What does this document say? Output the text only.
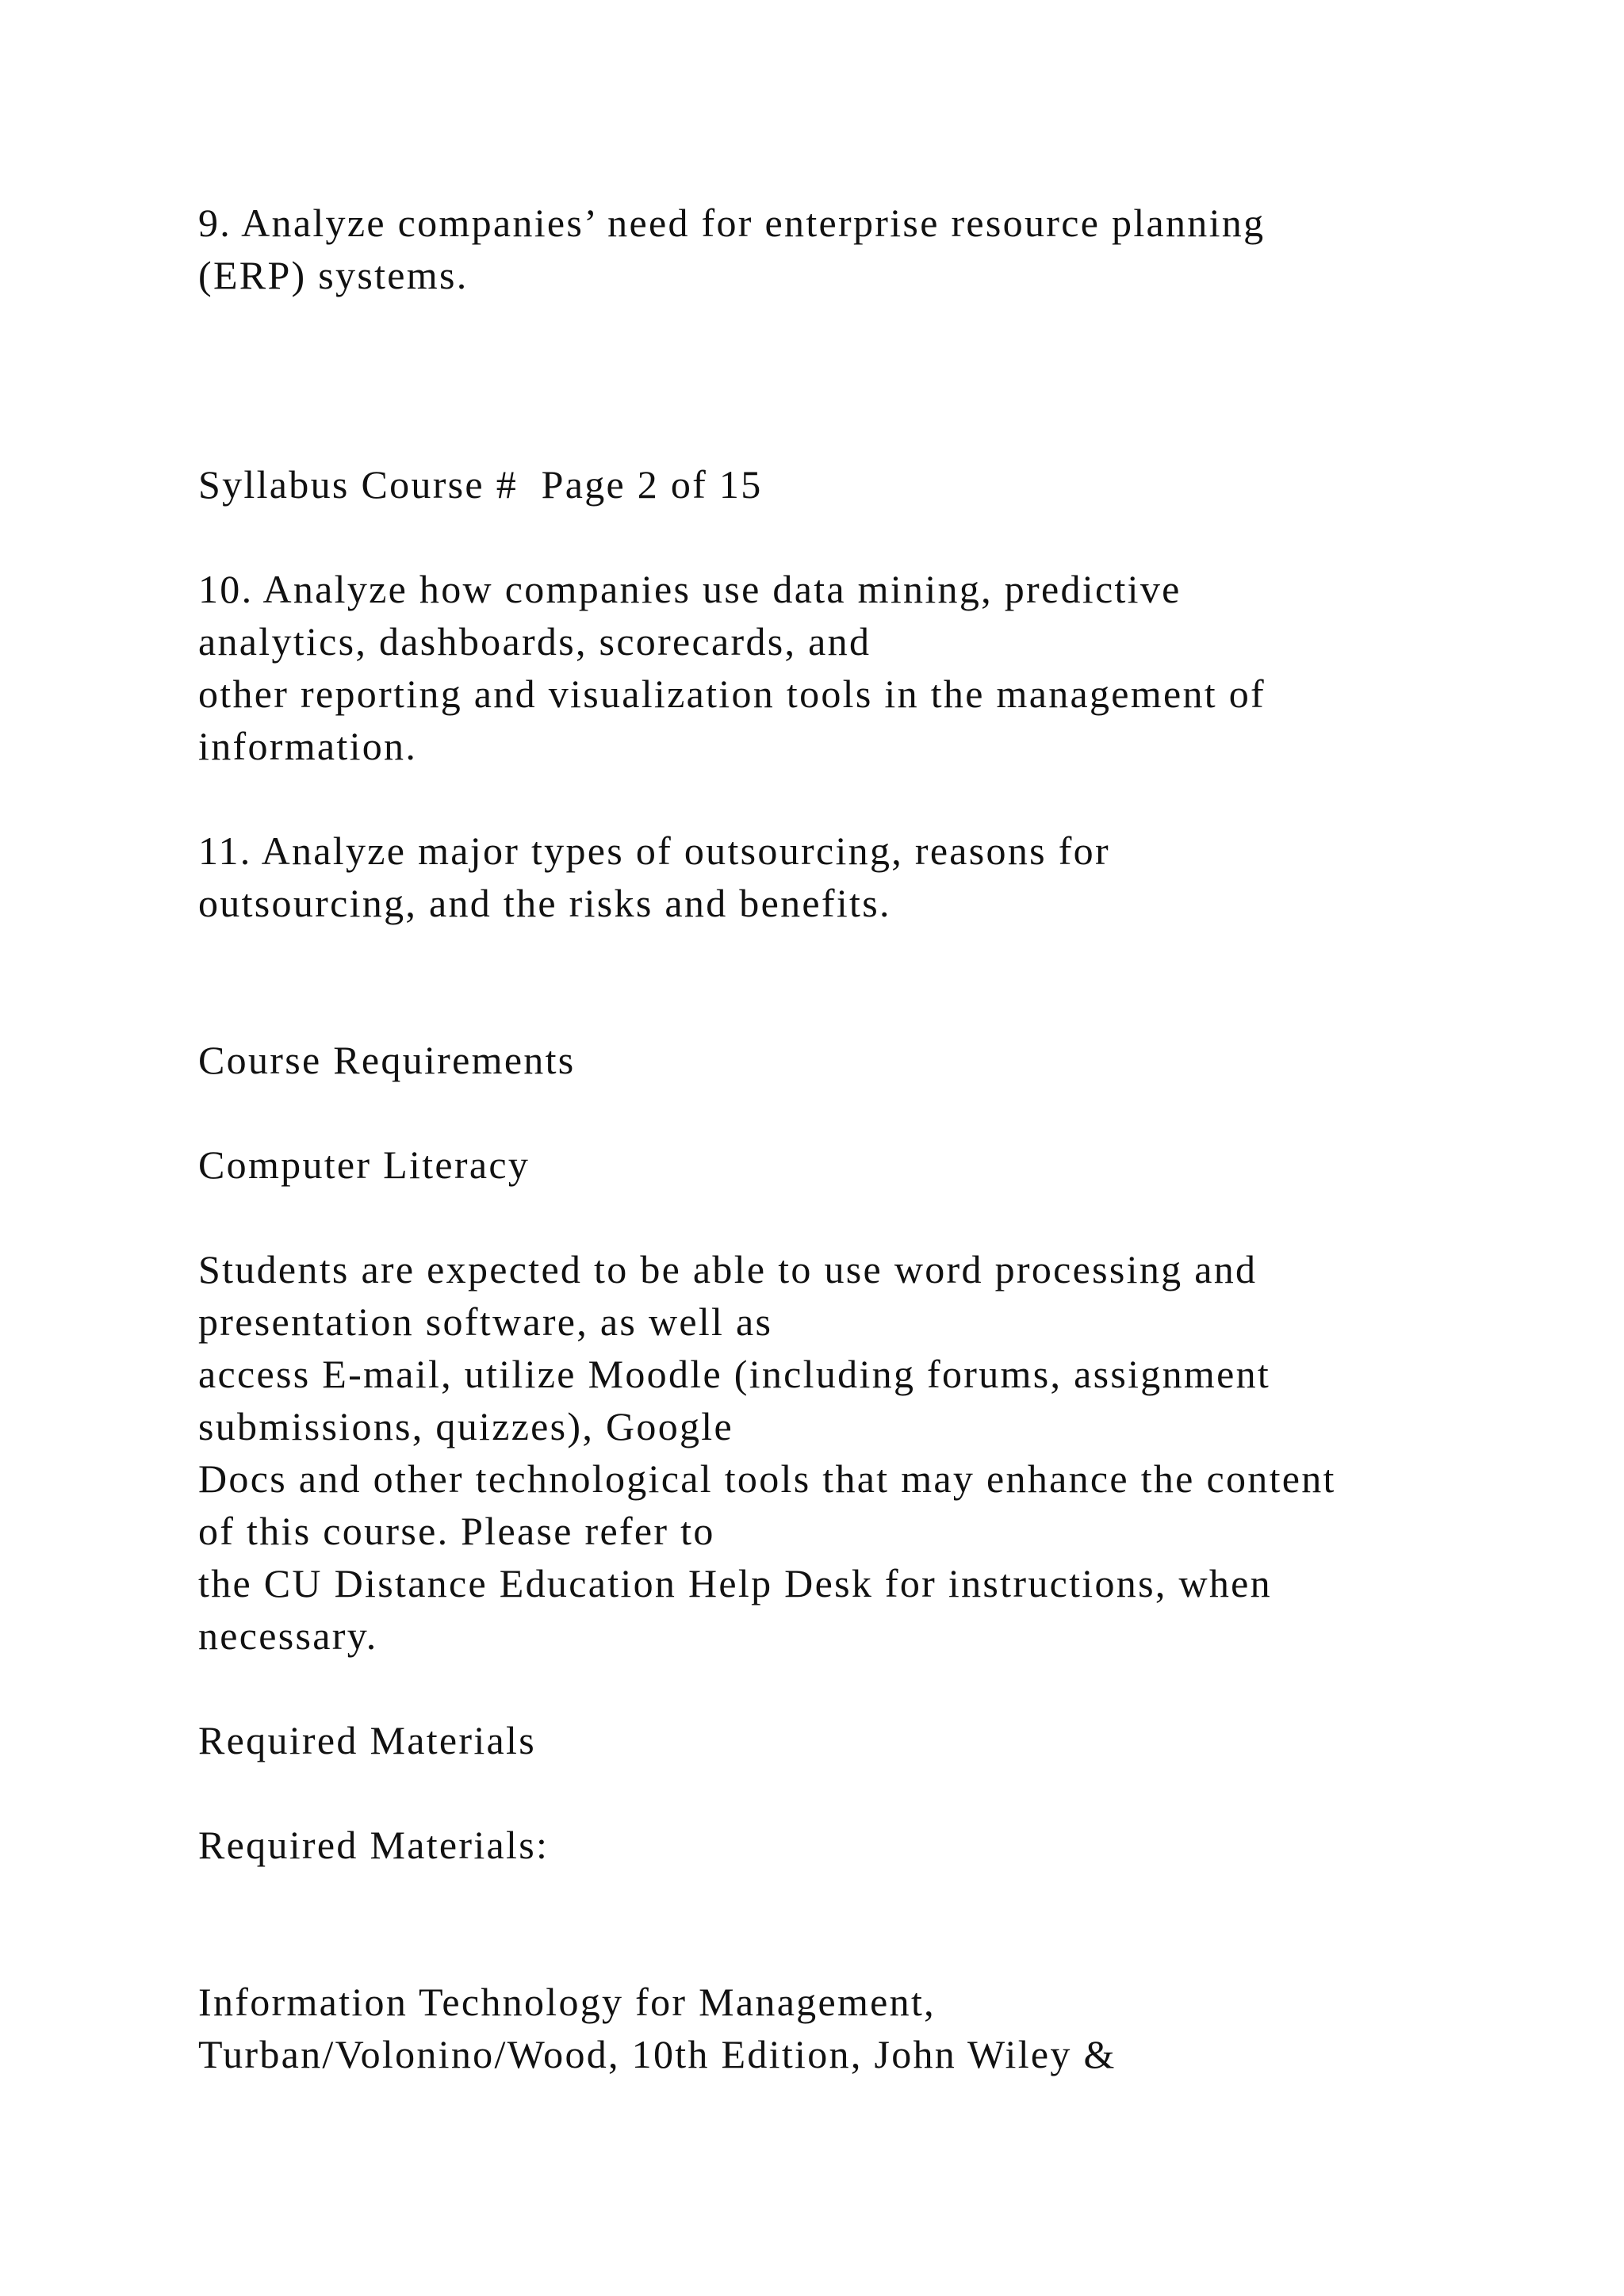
9. Analyze companies’ need for enterprise resource planning

(ERP) systems.

Syllabus Course #  Page 2 of 15

10. Analyze how companies use data mining, predictive

analytics, dashboards, scorecards, and

other reporting and visualization tools in the management of

information.

11. Analyze major types of outsourcing, reasons for

outsourcing, and the risks and benefits.

Course Requirements

Computer Literacy

Students are expected to be able to use word processing and

presentation software, as well as

access E-mail, utilize Moodle (including forums, assignment

submissions, quizzes), Google

Docs and other technological tools that may enhance the content

of this course. Please refer to

the CU Distance Education Help Desk for instructions, when

necessary.

Required Materials

Required Materials:

Information Technology for Management,

Turban/Volonino/Wood, 10th Edition, John Wiley &
